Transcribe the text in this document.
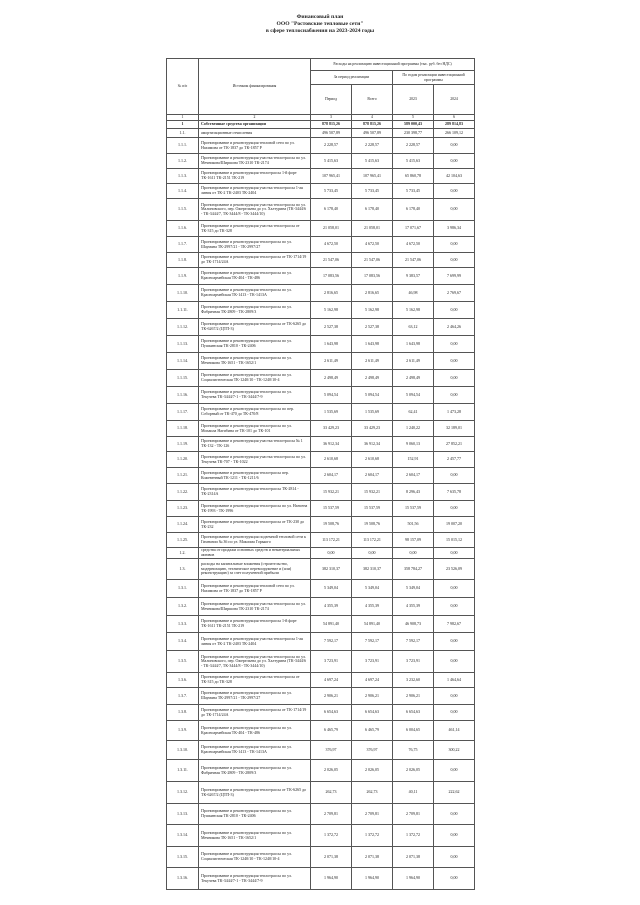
Финансовый план
ООО "Ростовские тепловые сети"
в сфере теплоснабжения на 2023-2024 годы
№ п/п	Источник финансирования	Расходы на реализацию инвестиционной программы (тыс. руб. без НДС)			
		За период реализации		По годам реализации инвестиционной программы	
		Период	Всего	2023	2024

1	2	3	4	5	6
1	Собственные средства организации	878 815,26	878 815,26	589 000,43	289 814,83
1.1.	амортизационные отчисления	496 507,89	496 507,89	230 398,77	266 109,12
1.1.1.	Проектирование и реконструкция тепловой сети по ул. Нахимова от ТК-1837 до ТК-1857 Р	2 228,57	2 228,57	2 228,57	0,00
1.1.2.	Проектирование и реконструкция участка теплотрассы по ул. Мечникова/Ширшова ТК-2310 ТК-2174	5 415,63	5 415,63	5 415,63	0,00
1.1.3.	Проектирование и реконструкция теплотрассы 1-й форт ТК-1611 ТК-2151 ТК-219	107 965,41	107 965,41	65 860,78	42 104,63
1.1.4.	Проектирование и реконструкция участка теплотрассы 1-ая линия от ТК-2 ТК-2403 ТК-2404	5 733,45	5 733,45	5 733,45	0,00
1.1.5.	Проектирование и реконструкция участка теплотрассы по ул. Малиновского, пер. Ожерельева до ул. Халтурина (ТК-3444/6 - ТК-3444/7, ТК-3444/8 - ТК-3444/10)	6 178,40	6 178,40	6 178,40	0,00
1.1.6.	Проектирование и реконструкция участка теплотрассы от ТК-315 до ТК-328	21 058,01	21 058,01	17 071,67	3 986,34
1.1.7.	Проектирование и реконструкция теплотрассы по ул. Шаумяна ТК-2997/21 - ТК-2997/27	4 672,50	4 672,50	4 672,50	0,00
1.1.8.	Проектирование и реконструкция теплотрассы от ТК-1714/19 до ТК-1714/24А	21 547,06	21 547,06	21 547,06	0,00
1.1.9.	Проектирование и реконструкция теплотрассы по ул. Красноармейская ТК-404 - ТК-486	17 083,56	17 083,56	9 383,57	7 699,99
1.1.10.	Проектирование и реконструкция теплотрассы по ул. Красноармейская ТК-1413 - ТК-1413А	2 816,65	2 816,65	46,98	2 769,67
1.1.11.	Проектирование и реконструкция теплотрассы по ул. Фабричная ТК-2809 - ТК-2809/3	5 162,98	5 162,98	5 162,98	0,00
1.1.12.	Проектирование и реконструкция теплотрассы от ТК-6265 до ТК-6267/2 (ЦТП-3)	2 527,38	2 527,38	63,12	2 464,26
1.1.13.	Проектирование и реконструкция теплотрассы по ул. Пушкинская ТК-2810 - ТК-2406	1 643,98	1 643,98	1 643,98	0,00
1.1.14.	Проектирование и реконструкция теплотрассы по ул. Мечникова ТК-1651 - ТК-1652/1	2 611,49	2 611,49	2 611,49	0,00
1.1.15.	Проектирование и реконструкция теплотрассы по ул. Социалистическая ТК-1240/10 - ТК-1240/10-4	2 498,49	2 498,49	2 498,49	0,00
1.1.16.	Проектирование и реконструкция теплотрассы по ул. Текучева ТК-3444/7-1 - ТК-3444/7-9	5 094,54	5 094,54	5 094,54	0,00
1.1.17.	Проектирование и реконструкция теплотрассы по пер. Соборный от ТК-470 до ТК-470/8	1 535,69	1 535,69	62,41	1 473,28
1.1.18.	Проектирование и реконструкция теплотрассы по ул. Михаила Нагибина от ТК-101 до ТК-101	33 429,23	33 429,23	1 240,22	32 189,01
1.1.19.	Проектирование и реконструкция участка теплотрассы № 1 ТК-132 - ТК-126	36 912,34	36 912,34	9 060,13	27 852,21
1.1.20.	Проектирование и реконструкция участка теплотрассы по ул. Текучева ТК-707 - ТК-1022	2 610,68	2 610,68	152,91	2 457,77
1.1.21.	Проектирование и реконструкция теплотрассы пер. Кожевенный ТК-1211 - ТК-1211/6	2 604,17	2 604,17	2 604,17	0,00
1.1.22.	Проектирование и реконструкция теплотрассы ТК-2814 - ТК-2314А	15 932,21	15 932,21	8 296,43	7 635,78
1.1.23.	Проектирование и реконструкция теплотрассы по ул. Нансена ТК-1993 - ТК-1996	15 537,59	15 537,59	15 537,59	0,00
1.1.24.	Проектирование и реконструкция теплотрассы от ТК-230 до ТК-232	19 508,76	19 508,76	501,56	19 007,20
1.1.25.	Проектирование и реконструкция подземной тепловой сети к Гимназии № 36 по ул. Максима Горького	113 172,21	113 172,21	98 157,09	15 015,12
1.2.	средства от продажи основных средств и нематериальных активов	0,00	0,00	0,00	0,00
1.3.	расходы на капитальные вложения (строительство, модернизацию, техническое перевооружение и (или) реконструкцию) за счет полученной прибыли	382 310,37	382 310,37	358 784,27	23 526,09
1.3.1.	Проектирование и реконструкция тепловой сети по ул. Нахимова от ТК-1837 до ТК-1857 Р	5 349,04	5 349,04	5 349,04	0,00
1.3.2.	Проектирование и реконструкция участка теплотрассы по ул. Мечникова/Ширшова ТК-2310 ТК-2174	4 355,39	4 355,39	4 355,39	0,00
1.3.3.	Проектирование и реконструкция теплотрассы 1-й форт ТК-1611 ТК-2151 ТК-219	54 891,40	54 891,40	46 908,73	7 982,67
1.3.4.	Проектирование и реконструкция участка теплотрассы 1-ая линия от ТК-2 ТК-2403 ТК-2404	7 592,17	7 592,17	7 592,17	0,00
1.3.5.	Проектирование и реконструкция участка теплотрассы по ул. Малиновского, пер. Ожерельева до ул. Халтурина (ТК-3444/6 - ТК-3444/7, ТК-3444/8 - ТК-3444/10)	3 723,91	3 723,91	3 723,91	0,00
1.3.6.	Проектирование и реконструкция участка теплотрассы от ТК-315 до ТК-328	4 697,24	4 697,24	3 232,60	1 464,64
1.3.7.	Проектирование и реконструкция теплотрассы по ул. Шаумяна ТК-2997/21 - ТК-2997/27	2 906,21	2 906,21	2 906,21	0,00
1.3.8.	Проектирование и реконструкция теплотрассы от ТК-1714/19 до ТК-1714/24А	6 654,63	6 654,63	6 654,63	0,00
1.3.9.	Проектирование и реконструкция теплотрассы по ул. Красноармейская ТК-404 - ТК-486	6 465,79	6 465,79	6 004,65	461,14
1.3.10.	Проектирование и реконструкция теплотрассы по ул. Красноармейская ТК-1413 - ТК-1413А	376,97	376,97	76,75	300,22
1.3.11.	Проектирование и реконструкция теплотрассы по ул. Фабричная ТК-2809 - ТК-2809/3	2 026,05	2 026,05	2 026,05	0,00
1.3.12.	Проектирование и реконструкция теплотрассы от ТК-6265 до ТК-6267/2 (ЦТП-3)	262,73	262,73	40,11	222,62
1.3.13.	Проектирование и реконструкция теплотрассы по ул. Пушкинская ТК-2810 - ТК-2406	2 709,81	2 709,81	2 709,81	0,00
1.3.14.	Проектирование и реконструкция теплотрассы по ул. Мечникова ТК-1651 - ТК-1652/1	1 372,72	1 372,72	1 372,72	0,00
1.3.15.	Проектирование и реконструкция теплотрассы по ул. Социалистическая ТК-1240/10 - ТК-1240/10-4	2 071,38	2 071,38	2 071,38	0,00
1.3.16.	Проектирование и реконструкция теплотрассы по ул. Текучева ТК-3444/7-1 - ТК-3444/7-9	1 964,90	1 964,90	1 964,90	0,00
